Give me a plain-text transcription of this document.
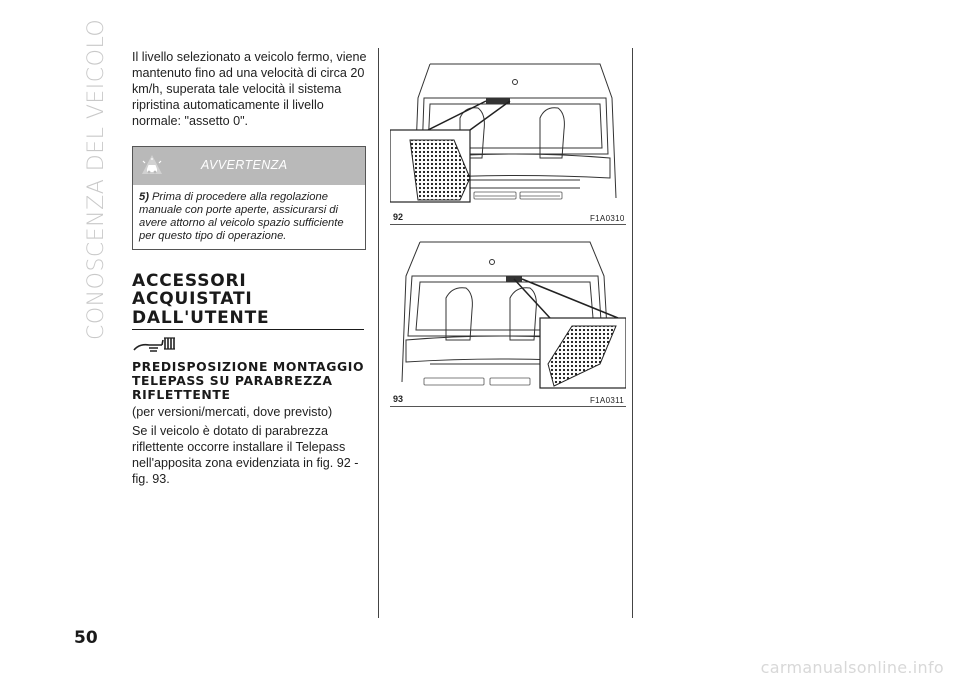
CONOSCENZA DEL VEICOLO Il livello selezionato a veicolo fermo, viene mantenuto fino ad una velocità di circa 20 km/h, superata tale velocità il sistema ripristina automaticamente il livello normale: "assetto 0".

AVVERTENZA
5) Prima di procedere alla regolazione manuale con porte aperte, assicurarsi di avere attorno al veicolo spazio sufficiente per questo tipo di operazione.
ACCESSORI ACQUISTATI DALL'UTENTE
PREDISPOSIZIONE MONTAGGIO TELEPASS SU PARABREZZA RIFLETTENTE

(per versioni/mercati, dove previsto)

Se il veicolo è dotato di parabrezza riflettente occorre installare il Telepass nell'apposita zona evidenziata in fig. 92 - fig. 93.

92	F1A0310
93	F1A0311
50
carmanualsonline.info
